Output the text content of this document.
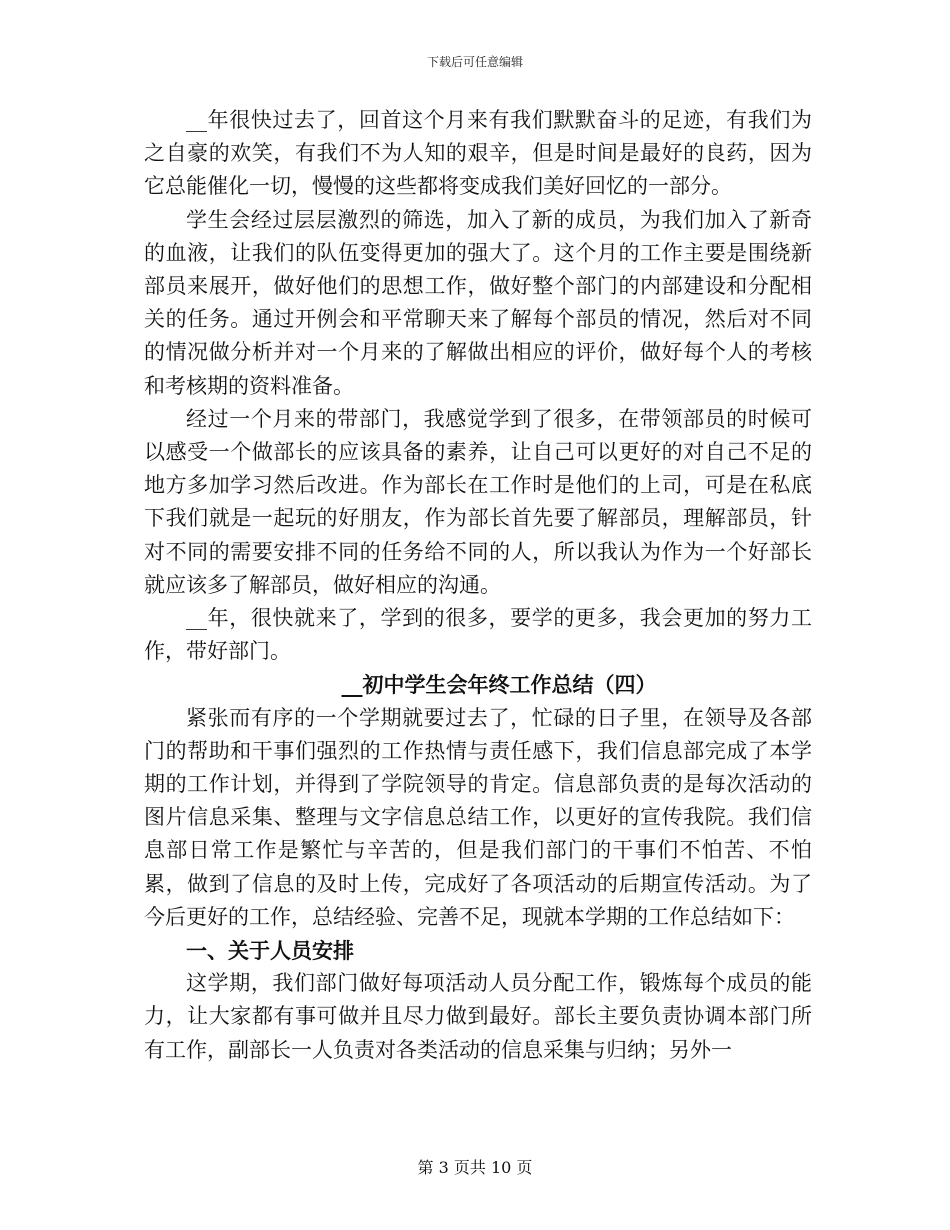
下载后可任意编辑

__年很快过去了，回首这个月来有我们默默奋斗的足迹，有我们为之自豪的欢笑，有我们不为人知的艰辛，但是时间是最好的良药，因为它总能催化一切，慢慢的这些都将变成我们美好回忆的一部分。

学生会经过层层激烈的筛选，加入了新的成员，为我们加入了新奇的血液，让我们的队伍变得更加的强大了。这个月的工作主要是围绕新部员来展开，做好他们的思想工作，做好整个部门的内部建设和分配相关的任务。通过开例会和平常聊天来了解每个部员的情况，然后对不同的情况做分析并对一个月来的了解做出相应的评价，做好每个人的考核和考核期的资料准备。

经过一个月来的带部门，我感觉学到了很多，在带领部员的时候可以感受一个做部长的应该具备的素养，让自己可以更好的对自己不足的地方多加学习然后改进。作为部长在工作时是他们的上司，可是在私底下我们就是一起玩的好朋友，作为部长首先要了解部员，理解部员，针对不同的需要安排不同的任务给不同的人，所以我认为作为一个好部长就应该多了解部员，做好相应的沟通。

__年，很快就来了，学到的很多，要学的更多，我会更加的努力工作，带好部门。

__初中学生会年终工作总结（四）

紧张而有序的一个学期就要过去了，忙碌的日子里，在领导及各部门的帮助和干事们强烈的工作热情与责任感下，我们信息部完成了本学期的工作计划，并得到了学院领导的肯定。信息部负责的是每次活动的图片信息采集、整理与文字信息总结工作，以更好的宣传我院。我们信息部日常工作是繁忙与辛苦的，但是我们部门的干事们不怕苦、不怕累，做到了信息的及时上传，完成好了各项活动的后期宣传活动。为了今后更好的工作，总结经验、完善不足，现就本学期的工作总结如下：

一、关于人员安排

这学期，我们部门做好每项活动人员分配工作，锻炼每个成员的能力，让大家都有事可做并且尽力做到最好。部长主要负责协调本部门所有工作，副部长一人负责对各类活动的信息采集与归纳；另外一

第 3 页共 10 页
